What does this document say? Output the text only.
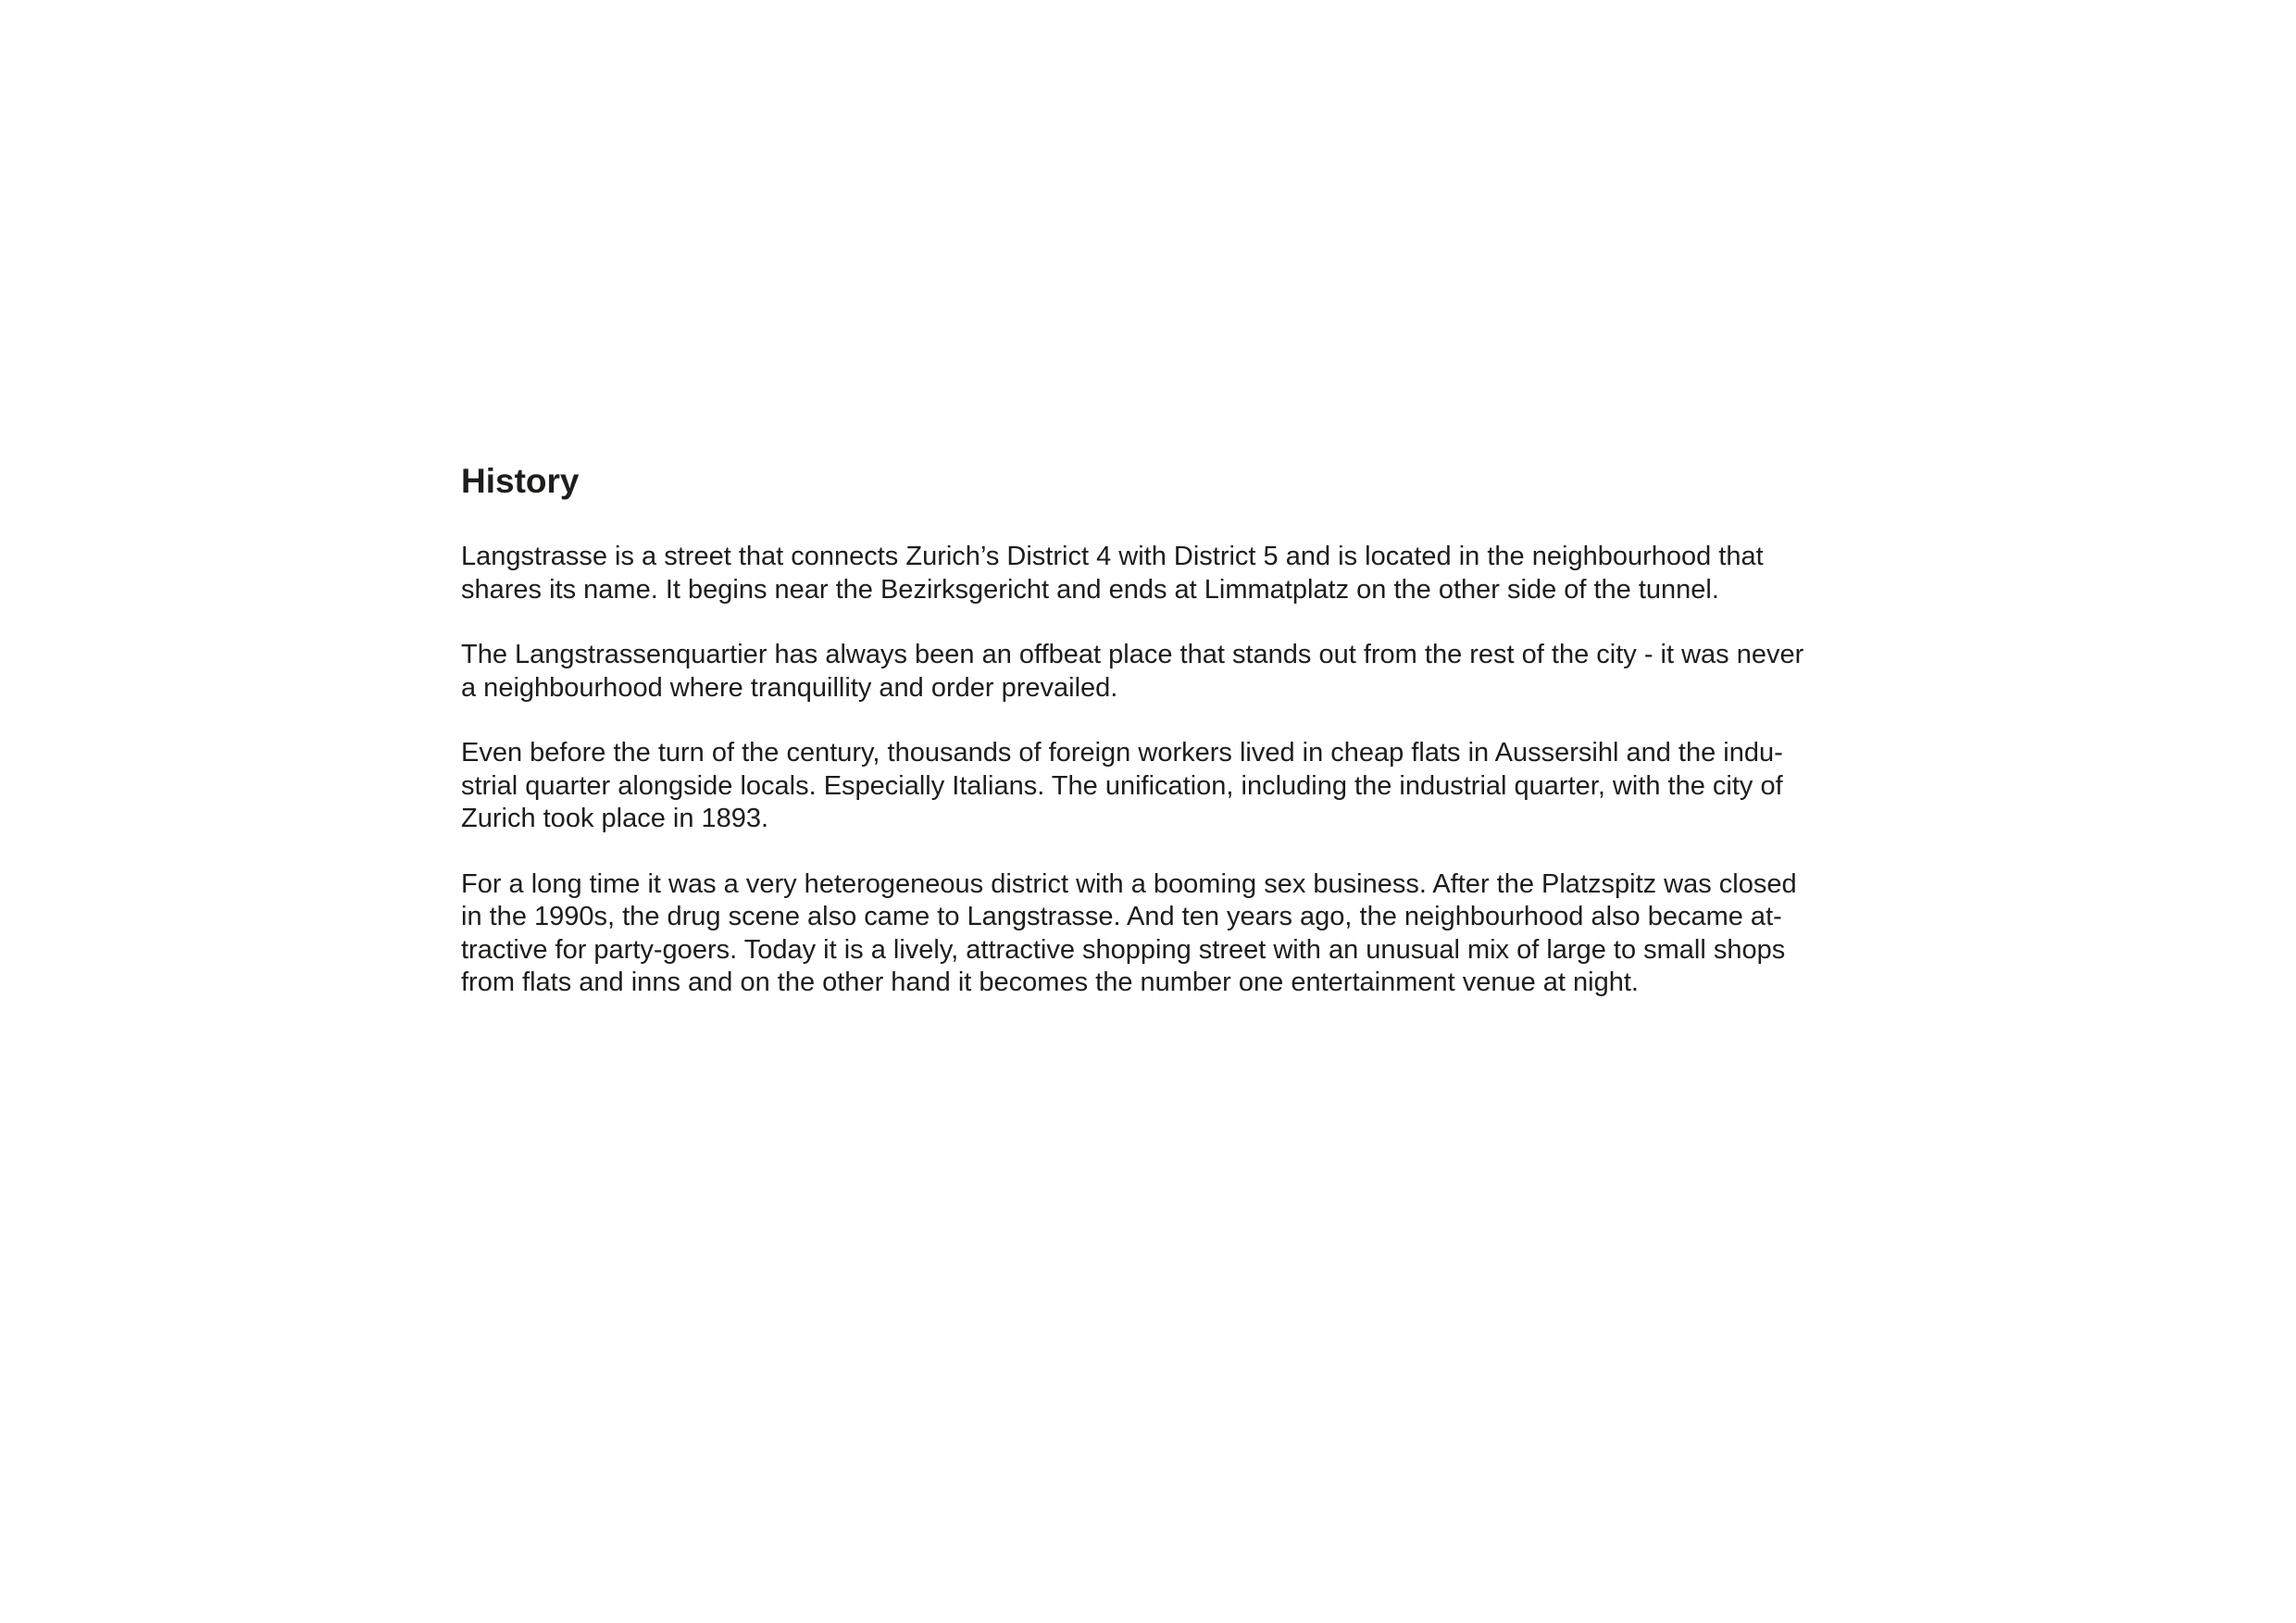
History

Langstrasse is a street that connects Zurich’s District 4 with District 5 and is located in the neighbourhood that
shares its name. It begins near the Bezirksgericht and ends at Limmatplatz on the other side of the tunnel.

The Langstrassenquartier has always been an offbeat place that stands out from the rest of the city - it was never
a neighbourhood where tranquillity and order prevailed.

Even before the turn of the century, thousands of foreign workers lived in cheap flats in Aussersihl and the indu-
strial quarter alongside locals. Especially Italians. The unification, including the industrial quarter, with the city of
Zurich took place in 1893.

For a long time it was a very heterogeneous district with a booming sex business. After the Platzspitz was closed
in the 1990s, the drug scene also came to Langstrasse. And ten years ago, the neighbourhood also became at-
tractive for party-goers. Today it is a lively, attractive shopping street with an unusual mix of large to small shops
from flats and inns and on the other hand it becomes the number one entertainment venue at night.
